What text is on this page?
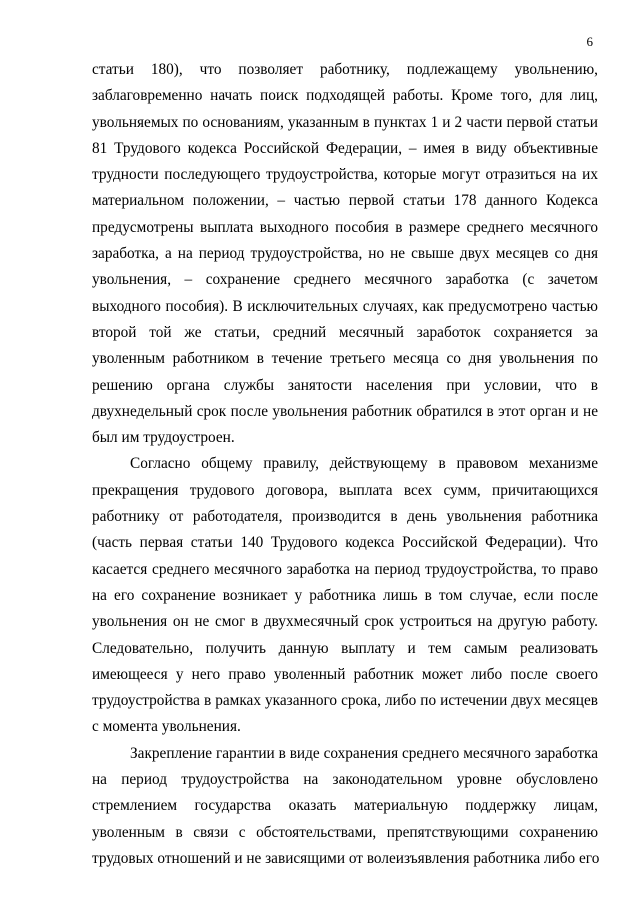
6

статьи 180), что позволяет работнику, подлежащему увольнению,
заблаговременно начать поиск подходящей работы. Кроме того, для лиц,
увольняемых по основаниям, указанным в пунктах 1 и 2 части первой статьи
81 Трудового кодекса Российской Федерации, – имея в виду объективные
трудности последующего трудоустройства, которые могут отразиться на их
материальном положении, – частью первой статьи 178 данного Кодекса
предусмотрены выплата выходного пособия в размере среднего месячного
заработка, а на период трудоустройства, но не свыше двух месяцев со дня
увольнения, – сохранение среднего месячного заработка (с зачетом
выходного пособия). В исключительных случаях, как предусмотрено частью
второй той же статьи, средний месячный заработок сохраняется за
уволенным работником в течение третьего месяца со дня увольнения по
решению органа службы занятости населения при условии, что в
двухнедельный срок после увольнения работник обратился в этот орган и не
был им трудоустроен.

Согласно общему правилу, действующему в правовом механизме
прекращения трудового договора, выплата всех сумм, причитающихся
работнику от работодателя, производится в день увольнения работника
(часть первая статьи 140 Трудового кодекса Российской Федерации). Что
касается среднего месячного заработка на период трудоустройства, то право
на его сохранение возникает у работника лишь в том случае, если после
увольнения он не смог в двухмесячный срок устроиться на другую работу.
Следовательно, получить данную выплату и тем самым реализовать
имеющееся у него право уволенный работник может либо после своего
трудоустройства в рамках указанного срока, либо по истечении двух месяцев
с момента увольнения.

Закрепление гарантии в виде сохранения среднего месячного заработка
на период трудоустройства на законодательном уровне обусловлено
стремлением государства оказать материальную поддержку лицам,
уволенным в связи с обстоятельствами, препятствующими сохранению
трудовых отношений и не зависящими от волеизъявления работника либо его
